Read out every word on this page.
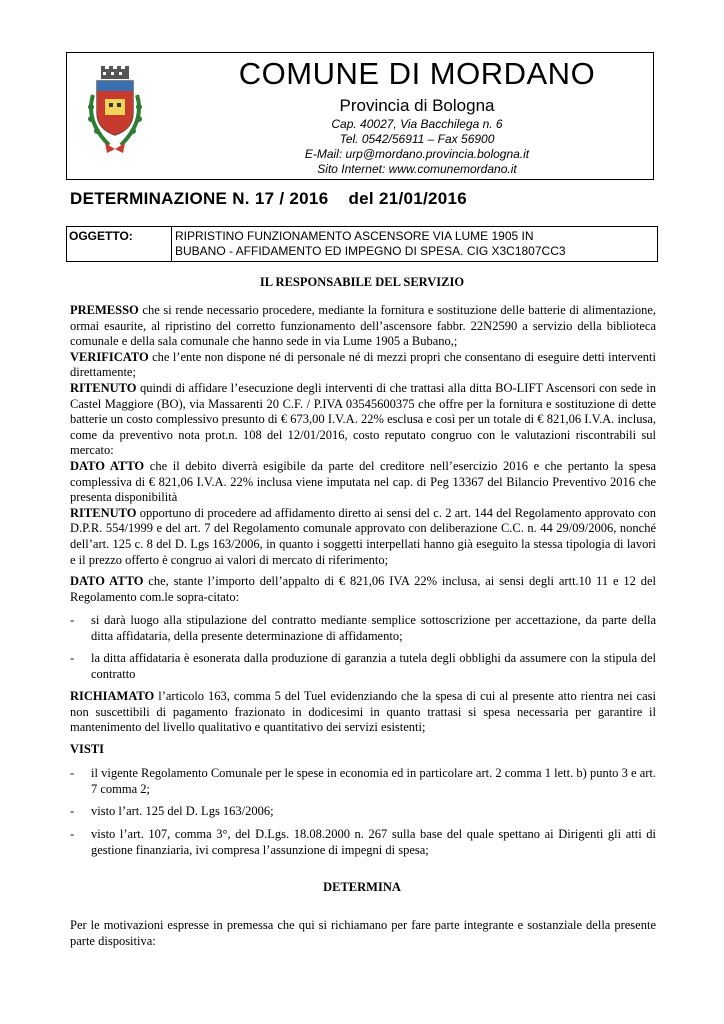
COMUNE DI MORDANO
Provincia di Bologna
Cap. 40027, Via Bacchilega n. 6
Tel. 0542/56911 – Fax 56900
E-Mail: urp@mordano.provincia.bologna.it
Sito Internet: www.comunemordano.it
DETERMINAZIONE N. 17 / 2016 del 21/01/2016
OGGETTO:	RIPRISTINO FUNZIONAMENTO ASCENSORE VIA LUME 1905 IN
BUBANO - AFFIDAMENTO ED IMPEGNO DI SPESA. CIG X3C1807CC3
IL RESPONSABILE DEL SERVIZIO

PREMESSO che si rende necessario procedere, mediante la fornitura e sostituzione delle batterie di alimentazione, ormai esaurite, al ripristino del corretto funzionamento dell’ascensore fabbr. 22N2590 a servizio della biblioteca comunale e della sala comunale che hanno sede in via Lume 1905 a Bubano,;

VERIFICATO che l’ente non dispone né di personale né di mezzi propri che consentano di eseguire detti interventi direttamente;

RITENUTO quindi di affidare l’esecuzione degli interventi di che trattasi alla ditta BO-LIFT Ascensori con sede in Castel Maggiore (BO), via Massarenti 20 C.F. / P.IVA 03545600375 che offre per la fornitura e sostituzione di dette batterie un costo complessivo presunto di € 673,00 I.V.A. 22% esclusa e così per un totale di € 821,06 I.V.A. inclusa, come da preventivo nota prot.n. 108 del 12/01/2016, costo reputato congruo con le valutazioni riscontrabili sul mercato:

DATO ATTO che il debito diverrà esigibile da parte del creditore nell’esercizio 2016 e che pertanto la spesa complessiva di € 821,06 I.V.A. 22% inclusa viene imputata nel cap. di Peg 13367 del Bilancio Preventivo 2016 che presenta disponibilità

RITENUTO opportuno di procedere ad affidamento diretto ai sensi del c. 2 art. 144 del Regolamento approvato con D.P.R. 554/1999 e del art. 7 del Regolamento comunale approvato con deliberazione C.C. n. 44 29/09/2006, nonché dell’art. 125 c. 8 del D. Lgs 163/2006, in quanto i soggetti interpellati hanno già eseguito la stessa tipologia di lavori e il prezzo offerto è congruo ai valori di mercato di riferimento;

DATO ATTO che, stante l’importo dell’appalto di € 821,06 IVA 22% inclusa, ai sensi degli artt.10 11 e 12 del Regolamento com.le sopra-citato:

- si darà luogo alla stipulazione del contratto mediante semplice sottoscrizione per accettazione, da parte della ditta affidataria, della presente determinazione di affidamento;
- la ditta affidataria è esonerata dalla produzione di garanzia a tutela degli obblighi da assumere con la stipula del contratto

RICHIAMATO l’articolo 163, comma 5 del Tuel evidenziando che la spesa di cui al presente atto rientra nei casi non suscettibili di pagamento frazionato in dodicesimi in quanto trattasi si spesa necessaria per garantire il mantenimento del livello qualitativo e quantitativo dei servizi esistenti;

VISTI

- il vigente Regolamento Comunale per le spese in economia ed in particolare art. 2 comma 1 lett. b) punto 3 e art. 7 comma 2;
- visto l’art. 125 del D. Lgs 163/2006;
- visto l’art. 107, comma 3°, del D.Lgs. 18.08.2000 n. 267 sulla base del quale spettano ai Dirigenti gli atti di gestione finanziaria, ivi compresa l’assunzione di impegni di spesa;
DETERMINA

Per le motivazioni espresse in premessa che qui si richiamano per fare parte integrante e sostanziale della presente parte dispositiva:
